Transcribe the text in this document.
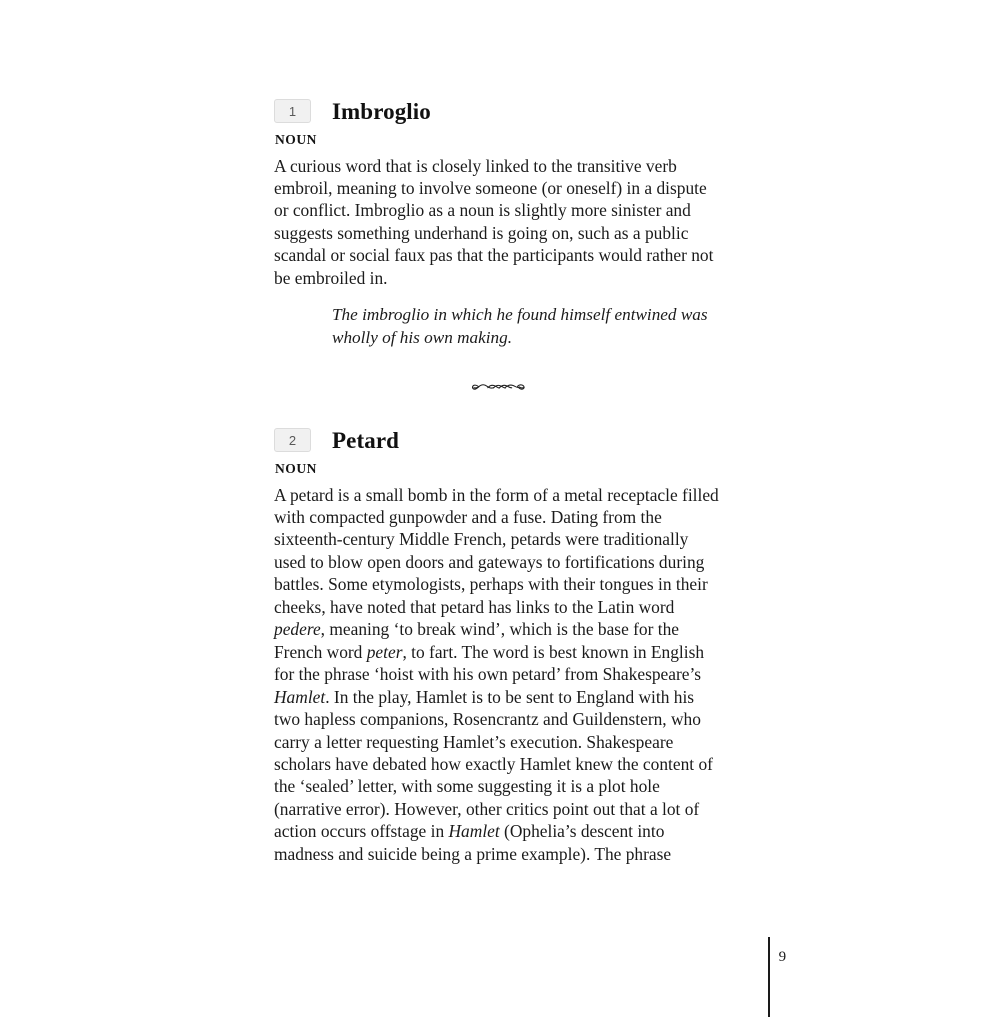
1	Imbroglio
NOUN

A curious word that is closely linked to the transitive verb embroil, meaning to involve someone (or oneself) in a dispute or conflict. Imbroglio as a noun is slightly more sinister and suggests something underhand is going on, such as a public scandal or social faux pas that the participants would rather not be embroiled in.

The imbroglio in which he found himself entwined was wholly of his own making.

2	Petard
NOUN

A petard is a small bomb in the form of a metal receptacle filled with compacted gunpowder and a fuse. Dating from the sixteenth-century Middle French, petards were traditionally used to blow open doors and gateways to fortifications during battles. Some etymologists, perhaps with their tongues in their cheeks, have noted that petard has links to the Latin word pedere, meaning ‘to break wind’, which is the base for the French word peter, to fart. The word is best known in English for the phrase ‘hoist with his own petard’ from Shakespeare’s Hamlet. In the play, Hamlet is to be sent to England with his two hapless companions, Rosencrantz and Guildenstern, who carry a letter requesting Hamlet’s execution. Shakespeare scholars have debated how exactly Hamlet knew the content of the ‘sealed’ letter, with some suggesting it is a plot hole (narrative error). However, other critics point out that a lot of action occurs offstage in Hamlet (Ophelia’s descent into madness and suicide being a prime example). The phrase

9
